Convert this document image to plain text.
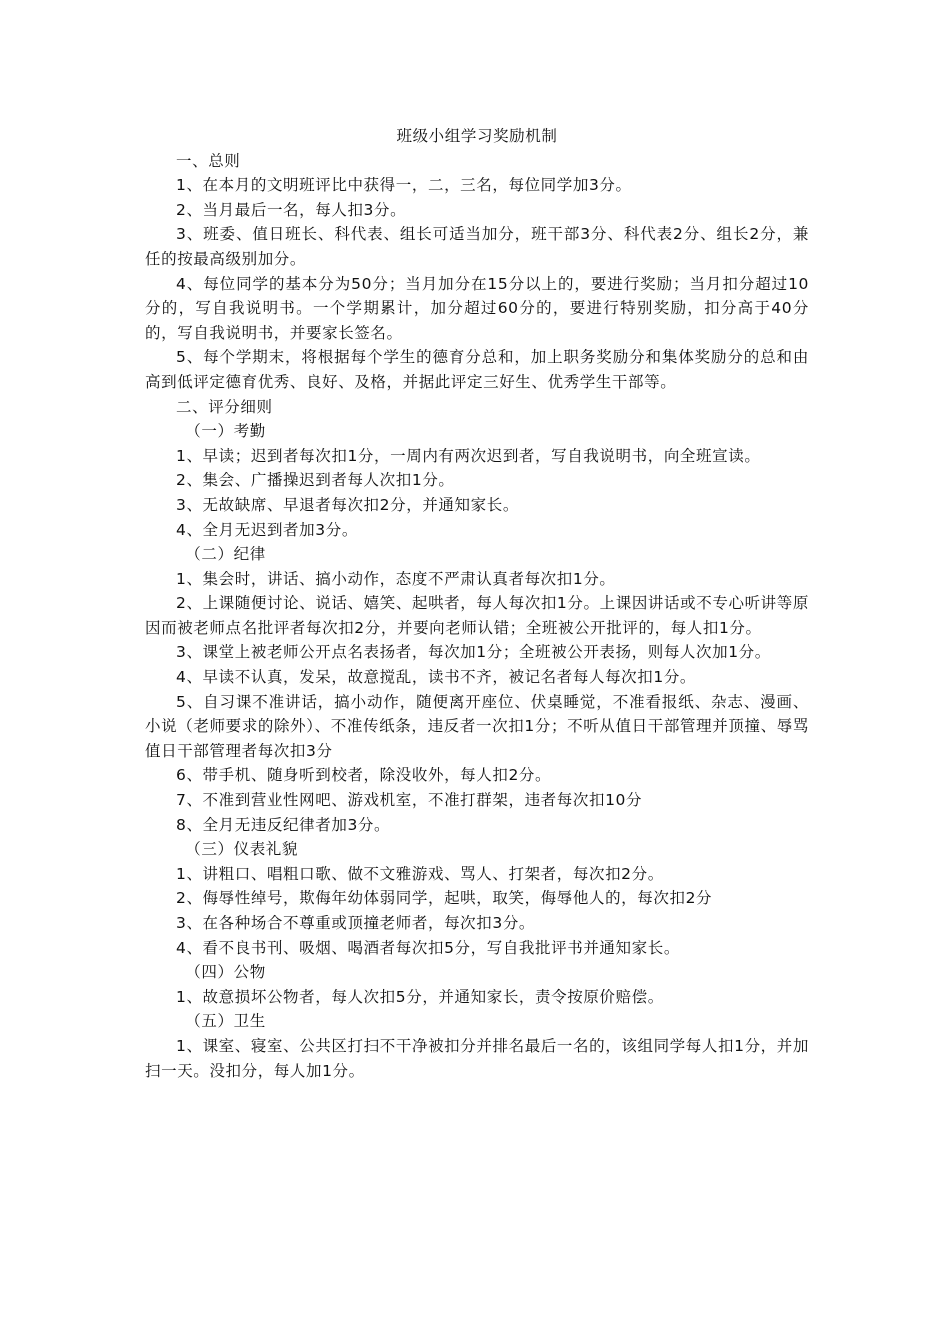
班级小组学习奖励机制
一、总则
1、在本月的文明班评比中获得一，二，三名，每位同学加3分。
2、当月最后一名，每人扣3分。
3、班委、值日班长、科代表、组长可适当加分，班干部3分、科代表2分、组长2分，兼任的按最高级别加分。
4、每位同学的基本分为50分；当月加分在15分以上的，要进行奖励；当月扣分超过10分的，写自我说明书。一个学期累计，加分超过60分的，要进行特别奖励，扣分高于40分的，写自我说明书，并要家长签名。
5、每个学期末，将根据每个学生的德育分总和，加上职务奖励分和集体奖励分的总和由高到低评定德育优秀、良好、及格，并据此评定三好生、优秀学生干部等。
二、评分细则
（一）考勤
1、早读；迟到者每次扣1分，一周内有两次迟到者，写自我说明书，向全班宣读。
2、集会、广播操迟到者每人次扣1分。
3、无故缺席、早退者每次扣2分，并通知家长。
4、全月无迟到者加3分。
（二）纪律
1、集会时，讲话、搞小动作，态度不严肃认真者每次扣1分。
2、上课随便讨论、说话、嬉笑、起哄者，每人每次扣1分。上课因讲话或不专心听讲等原因而被老师点名批评者每次扣2分，并要向老师认错；全班被公开批评的，每人扣1分。
3、课堂上被老师公开点名表扬者，每次加1分；全班被公开表扬，则每人次加1分。
4、早读不认真，发呆，故意搅乱，读书不齐，被记名者每人每次扣1分。
5、自习课不准讲话，搞小动作，随便离开座位、伏桌睡觉，不准看报纸、杂志、漫画、小说（老师要求的除外）、不准传纸条，违反者一次扣1分；不听从值日干部管理并顶撞、辱骂值日干部管理者每次扣3分
6、带手机、随身听到校者，除没收外，每人扣2分。
7、不准到营业性网吧、游戏机室，不准打群架，违者每次扣10分
8、全月无违反纪律者加3分。
（三）仪表礼貌
1、讲粗口、唱粗口歌、做不文雅游戏、骂人、打架者，每次扣2分。
2、侮辱性绰号，欺侮年幼体弱同学，起哄，取笑，侮辱他人的，每次扣2分
3、在各种场合不尊重或顶撞老师者，每次扣3分。
4、看不良书刊、吸烟、喝酒者每次扣5分，写自我批评书并通知家长。
（四）公物
1、故意损坏公物者，每人次扣5分，并通知家长，责令按原价赔偿。
（五）卫生
1、课室、寝室、公共区打扫不干净被扣分并排名最后一名的，该组同学每人扣1分，并加扫一天。没扣分，每人加1分。
